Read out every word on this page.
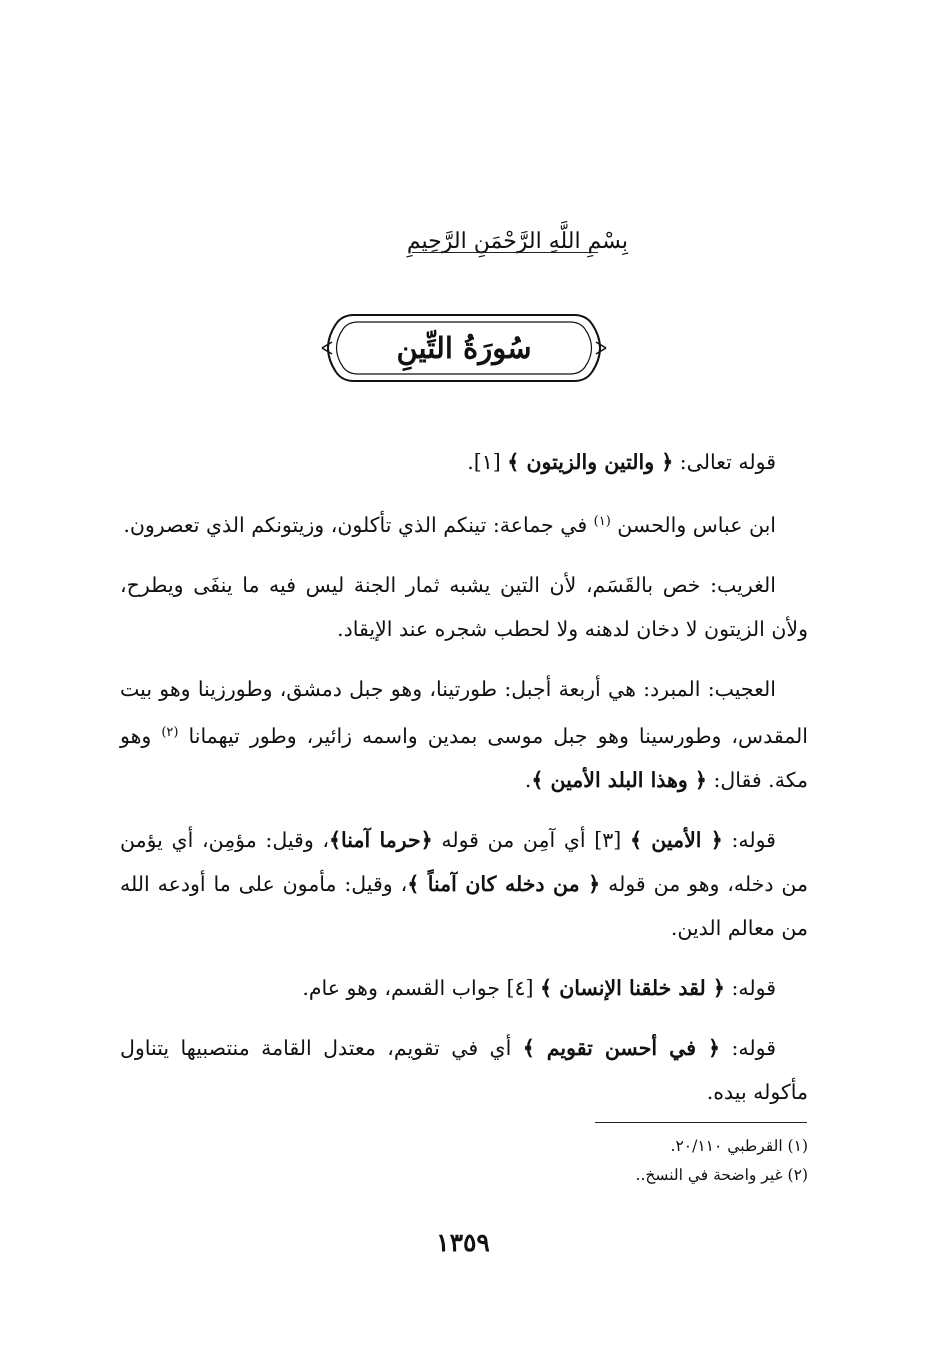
بِسْمِ اللَّهِ الرَّحْمَنِ الرَّحِيمِ
سُورَةُ التِّينِ

قوله تعالى: ﴿ والتين والزيتون ﴾ [١].

ابن عباس والحسن $^{(١)}$ في جماعة: تينكم الذي تأكلون، وزيتونكم الذي تعصرون.

الغريب: خص بالقَسَم، لأن التين يشبه ثمار الجنة ليس فيه ما ينفَى ويطرح، ولأن الزيتون لا دخان لدهنه ولا لحطب شجره عند الإيقاد.

العجيب: المبرد: هي أربعة أجبل: طورتينا، وهو جبل دمشق، وطورزينا وهو بيت المقدس، وطورسينا وهو جبل موسى بمدين واسمه زائير، وطور تيهمانا $^{(٢)}$ وهو مكة. فقال: ﴿ وهذا البلد الأمين ﴾.

قوله: ﴿ الأمين ﴾ [٣] أي آمِن من قوله ﴿حرما آمنا﴾، وقيل: مؤمِن، أي يؤمن من دخله، وهو من قوله ﴿ من دخله كان آمناً ﴾، وقيل: مأمون على ما أودعه الله من معالم الدين.

قوله: ﴿ لقد خلقنا الإنسان ﴾ [٤] جواب القسم، وهو عام.

قوله: ﴿ في أحسن تقويم ﴾ أي في تقويم، معتدل القامة منتصبيها يتناول مأكوله بيده.

(١) القرطبي ٢٠/١١٠.

(٢) غير واضحة في النسخ..

١٣٥٩
